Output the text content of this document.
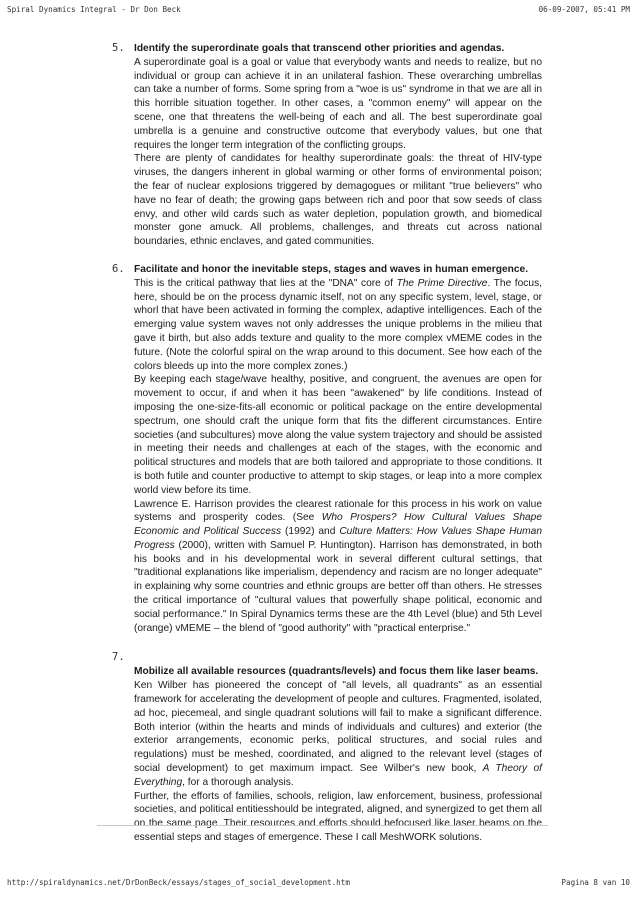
Spiral Dynamics Integral - Dr Don Beck	06-09-2007, 05:41 PM
5. Identify the superordinate goals that transcend other priorities and agendas.

A superordinate goal is a goal or value that everybody wants and needs to realize, but no individual or group can achieve it in an unilateral fashion. These overarching umbrellas can take a number of forms. Some spring from a "woe is us" syndrome in that we are all in this horrible situation together. In other cases, a "common enemy" will appear on the scene, one that threatens the well-being of each and all. The best superordinate goal umbrella is a genuine and constructive outcome that everybody values, but one that requires the longer term integration of the conflicting groups.

There are plenty of candidates for healthy superordinate goals: the threat of HIV-type viruses, the dangers inherent in global warming or other forms of environmental poison; the fear of nuclear explosions triggered by demagogues or militant "true believers" who have no fear of death; the growing gaps between rich and poor that sow seeds of class envy, and other wild cards such as water depletion, population growth, and biomedical monster gone amuck. All problems, challenges, and threats cut across national boundaries, ethnic enclaves, and gated communities.

6. Facilitate and honor the inevitable steps, stages and waves in human emergence.

This is the critical pathway that lies at the "DNA" core of The Prime Directive. The focus, here, should be on the process dynamic itself, not on any specific system, level, stage, or whorl that have been activated in forming the complex, adaptive intelligences. Each of the emerging value system waves not only addresses the unique problems in the milieu that gave it birth, but also adds texture and quality to the more complex vMEME codes in the future. (Note the colorful spiral on the wrap around to this document. See how each of the colors bleeds up into the more complex zones.)

By keeping each stage/wave healthy, positive, and congruent, the avenues are open for movement to occur, if and when it has been "awakened" by life conditions. Instead of imposing the one-size-fits-all economic or political package on the entire developmental spectrum, one should craft the unique form that fits the different circumstances. Entire societies (and subcultures) move along the value system trajectory and should be assisted in meeting their needs and challenges at each of the stages, with the economic and political structures and models that are both tailored and appropriate to those conditions. It is both futile and counter productive to attempt to skip stages, or leap into a more complex world view before its time.

Lawrence E. Harrison provides the clearest rationale for this process in his work on value systems and prosperity codes. (See Who Prospers? How Cultural Values Shape Economic and Political Success (1992) and Culture Matters: How Values Shape Human Progress (2000), written with Samuel P. Huntington). Harrison has demonstrated, in both his books and in his developmental work in several different cultural settings, that "traditional explanations like imperialism, dependency and racism are no longer adequate" in explaining why some countries and ethnic groups are better off than others. He stresses the critical importance of "cultural values that powerfully shape political, economic and social performance." In Spiral Dynamics terms these are the 4th Level (blue) and 5th Level (orange) vMEME – the blend of "good authority" with "practical enterprise."

7.

Mobilize all available resources (quadrants/levels) and focus them like laser beams.

Ken Wilber has pioneered the concept of "all levels, all quadrants" as an essential framework for accelerating the development of people and cultures. Fragmented, isolated, ad hoc, piecemeal, and single quadrant solutions will fail to make a significant difference. Both interior (within the hearts and minds of individuals and cultures) and exterior (the exterior arrangements, economic perks, political structures, and social rules and regulations) must be meshed, coordinated, and aligned to the relevant level (stages of social development) to get maximum impact. See Wilber's new book, A Theory of Everything, for a thorough analysis.

Further, the efforts of families, schools, religion, law enforcement, business, professional societies, and political entitiesshould be integrated, aligned, and synergized to get them all on the same page. Their resources and efforts should befocused like laser beams on the essential steps and stages of emergence. These I call MeshWORK solutions.

http://spiraldynamics.net/DrDonBeck/essays/stages_of_social_development.htm	Pagina 8 van 10
